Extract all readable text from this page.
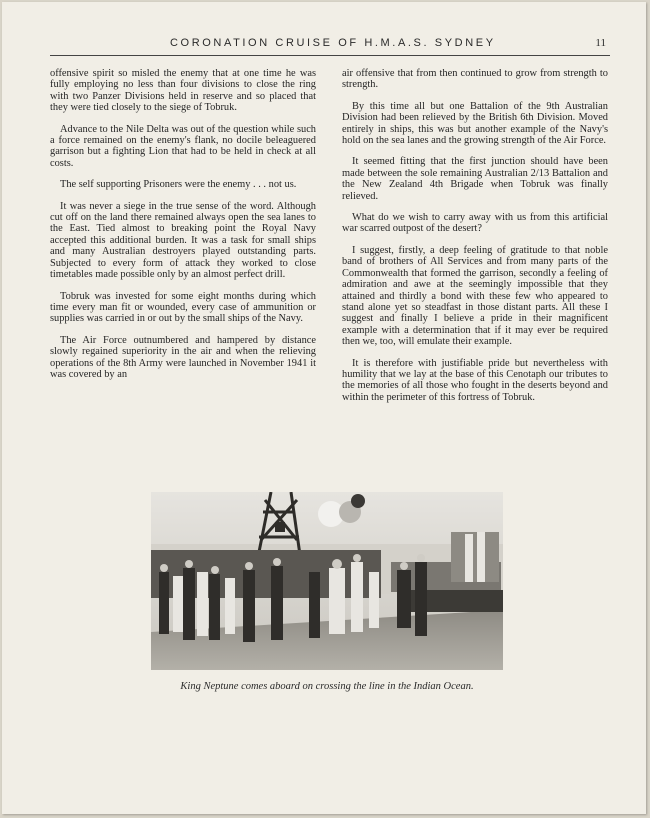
CORONATION CRUISE OF H.M.A.S. SYDNEY	11

offensive spirit so misled the enemy that at one time he was fully employing no less than four divisions to close the ring with two Panzer Divisions held in reserve and so placed that they were tied closely to the siege of Tobruk.

Advance to the Nile Delta was out of the question while such a force remained on the enemy's flank, no docile beleaguered garrison but a fighting Lion that had to be held in check at all costs.

The self supporting Prisoners were the enemy . . . not us.

It was never a siege in the true sense of the word. Although cut off on the land there remained always open the sea lanes to the East. Tied almost to breaking point the Royal Navy accepted this additional burden. It was a task for small ships and many Australian destroyers played outstanding parts. Subjected to every form of attack they worked to close timetables made possible only by an almost perfect drill.

Tobruk was invested for some eight months during which time every man fit or wounded, every case of ammunition or supplies was carried in or out by the small ships of the Navy.

The Air Force outnumbered and hampered by distance slowly regained superiority in the air and when the relieving operations of the 8th Army were launched in November 1941 it was covered by an

air offensive that from then continued to grow from strength to strength.

By this time all but one Battalion of the 9th Australian Division had been relieved by the British 6th Division. Moved entirely in ships, this was but another example of the Navy's hold on the sea lanes and the growing strength of the Air Force.

It seemed fitting that the first junction should have been made between the sole remaining Australian 2/13 Battalion and the New Zealand 4th Brigade when Tobruk was finally relieved.

What do we wish to carry away with us from this artificial war scarred outpost of the desert?

I suggest, firstly, a deep feeling of gratitude to that noble band of brothers of All Services and from many parts of the Commonwealth that formed the garrison, secondly a feeling of admiration and awe at the seemingly impossible that they attained and thirdly a bond with these few who appeared to stand alone yet so steadfast in those distant parts. All these I suggest and finally I believe a pride in their magnificent example with a determination that if it may ever be required then we, too, will emulate their example.

It is therefore with justifiable pride but nevertheless with humility that we lay at the base of this Cenotaph our tributes to the memories of all those who fought in the deserts beyond and within the perimeter of this fortress of Tobruk.

King Neptune comes aboard on crossing the line in the Indian Ocean.
